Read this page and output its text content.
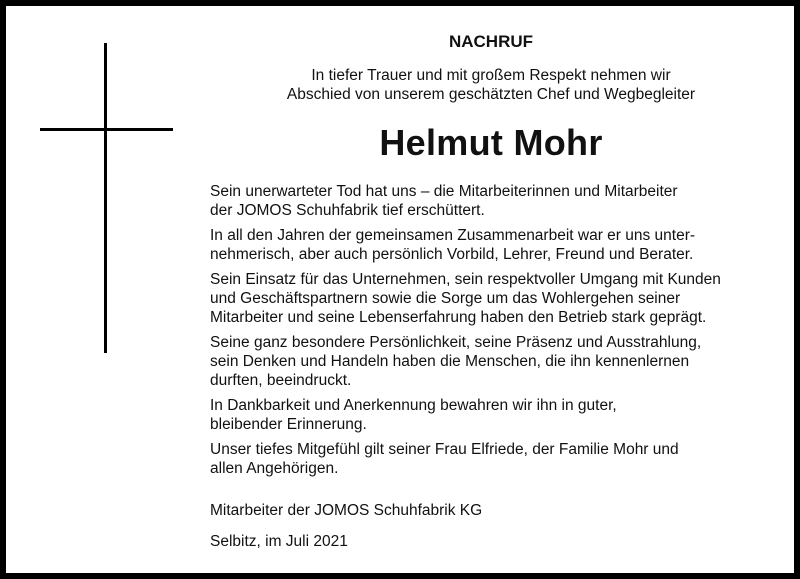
NACHRUF
In tiefer Trauer und mit großem Respekt nehmen wir
Abschied von unserem geschätzten Chef und Wegbegleiter
Helmut Mohr

Sein unerwarteter Tod hat uns – die Mitarbeiterinnen und Mitarbeiter
der JOMOS Schuhfabrik tief erschüttert.

In all den Jahren der gemeinsamen Zusammenarbeit war er uns unter-
nehmerisch, aber auch persönlich Vorbild, Lehrer, Freund und Berater.

Sein Einsatz für das Unternehmen, sein respektvoller Umgang mit Kunden
und Geschäftspartnern sowie die Sorge um das Wohlergehen seiner
Mitarbeiter und seine Lebenserfahrung haben den Betrieb stark geprägt.

Seine ganz besondere Persönlichkeit, seine Präsenz und Ausstrahlung,
sein Denken und Handeln haben die Menschen, die ihn kennenlernen
durften, beeindruckt.

In Dankbarkeit und Anerkennung bewahren wir ihn in guter,
bleibender Erinnerung.

Unser tiefes Mitgefühl gilt seiner Frau Elfriede, der Familie Mohr und
allen Angehörigen.

Mitarbeiter der JOMOS Schuhfabrik KG
Selbitz, im Juli 2021
